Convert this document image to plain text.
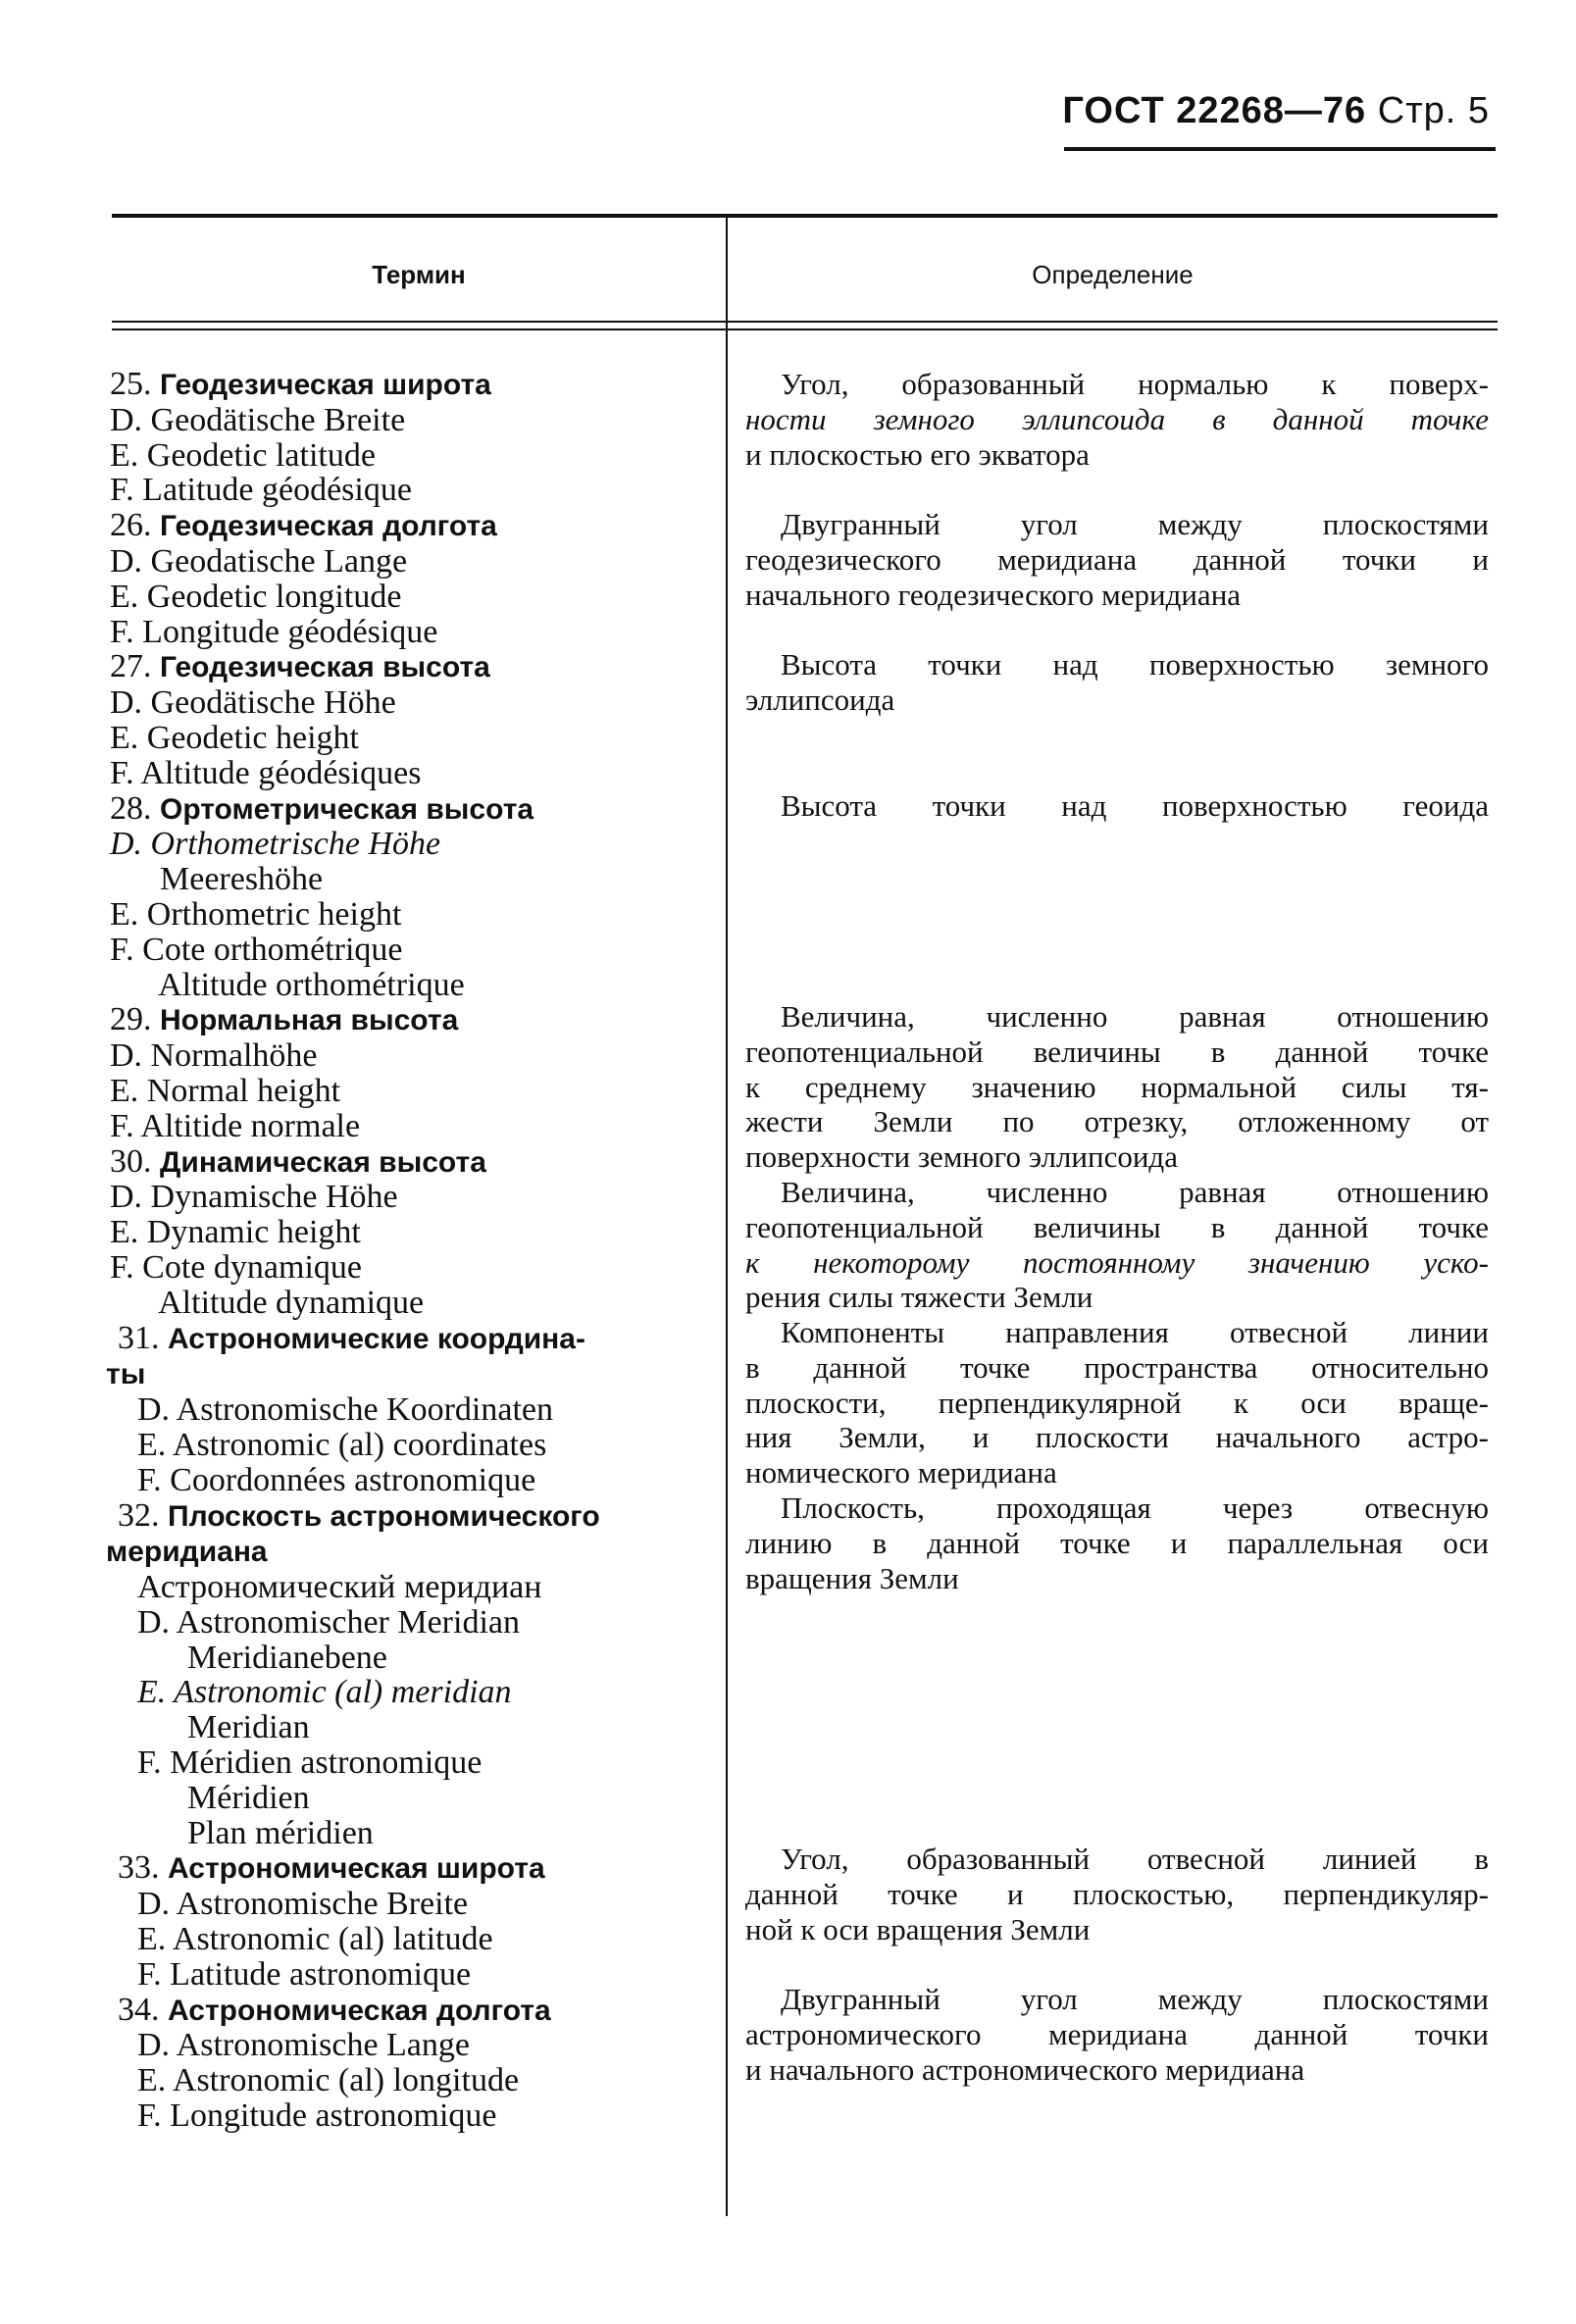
ГОСТ 22268—76 Стр. 5
Термин	Определение
25. Геодезическая широта
D. Geodätische Breite
E. Geodetic latitude
F. Latitude géodésique
26. Геодезическая долгота
D. Geodatische Lange
E. Geodetic longitude
F. Longitude géodésique
27. Геодезическая высота
D. Geodätische Höhe
E. Geodetic height
F. Altitude géodésiques
28. Ортометрическая высота
D. Orthometrische Höhe
Meereshöhe
E. Orthometric height
F. Cote orthométrique
Altitude orthométrique
29. Нормальная высота
D. Normalhöhe
E. Normal height
F. Altitide normale
30. Динамическая высота
D. Dynamische Höhe
E. Dynamic height
F. Cote dynamique
Altitude dynamique
31. Астрономические координа-
ты
D. Astronomische Koordinaten
E. Astronomic (al) coordinates
F. Coordonnées astronomique
32. Плоскость астрономического
меридиана
Астрономический меридиан
D. Astronomischer Meridian
Meridianebene
E. Astronomic (al) meridian
Meridian
F. Méridien astronomique
Méridien
Plan méridien
33. Астрономическая широта
D. Astronomische Breite
E. Astronomic (al) latitude
F. Latitude astronomique
34. Астрономическая долгота
D. Astronomische Lange
E. Astronomic (al) longitude
F. Longitude astronomique
Угол, образованный нормалью к поверх-
ности земного эллипсоида в данной точке
и плоскостью его экватора
Двугранный угол между плоскостями
геодезического меридиана данной точки и
начального геодезического меридиана
Высота точки над поверхностью земного
эллипсоида
Высота точки над поверхностью геоида
Величина, численно равная отношению
геопотенциальной величины в данной точке
к среднему значению нормальной силы тя-
жести Земли по отрезку, отложенному от
поверхности земного эллипсоида
Величина, численно равная отношению
геопотенциальной величины в данной точке
к некоторому постоянному значению уско-
рения силы тяжести Земли
Компоненты направления отвесной линии
в данной точке пространства относительно
плоскости, перпендикулярной к оси враще-
ния Земли, и плоскости начального астро-
номического меридиана
Плоскость, проходящая через отвесную
линию в данной точке и параллельная оси
вращения Земли
Угол, образованный отвесной линией в
данной точке и плоскостью, перпендикуляр-
ной к оси вращения Земли
Двугранный угол между плоскостями
астрономического меридиана данной точки
и начального астрономического меридиана
